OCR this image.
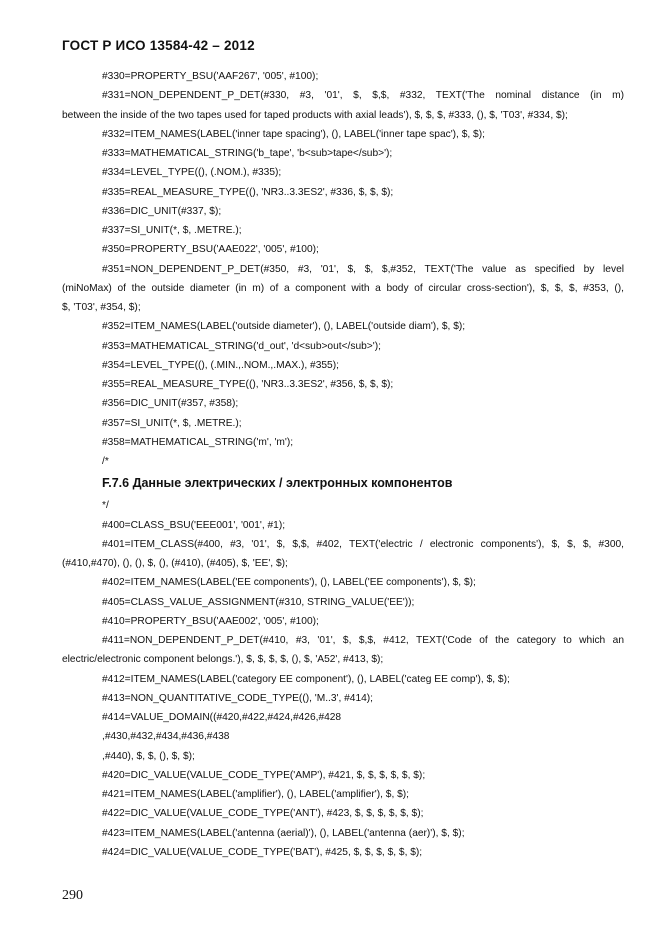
ГОСТ Р ИСО 13584-42 – 2012
#330=PROPERTY_BSU('AAF267', '005', #100);
#331=NON_DEPENDENT_P_DET(#330, #3, '01', $, $,$, #332, TEXT('The nominal distance (in m)
between the inside of the two tapes used for taped products with axial leads'), $, $, $, #333, (), $, 'T03', #334, $);
#332=ITEM_NAMES(LABEL('inner tape spacing'), (), LABEL('inner tape spac'), $, $);
#333=MATHEMATICAL_STRING('b_tape', 'b<sub>tape</sub>');
#334=LEVEL_TYPE((), (.NOM.), #335);
#335=REAL_MEASURE_TYPE((), 'NR3..3.3ES2', #336, $, $, $);
#336=DIC_UNIT(#337, $);
#337=SI_UNIT(*, $, .METRE.);
#350=PROPERTY_BSU('AAE022', '005', #100);
#351=NON_DEPENDENT_P_DET(#350, #3, '01', $, $, $,#352, TEXT('The value as specified by level
(miNoMax) of the outside diameter (in m) of a component with a body of circular cross-section'), $, $, $, #353, (),
$, 'T03', #354, $);
#352=ITEM_NAMES(LABEL('outside diameter'), (), LABEL('outside diam'), $, $);
#353=MATHEMATICAL_STRING('d_out', 'd<sub>out</sub>');
#354=LEVEL_TYPE((), (.MIN.,.NOM.,.MAX.), #355);
#355=REAL_MEASURE_TYPE((), 'NR3..3.3ES2', #356, $, $, $);
#356=DIC_UNIT(#357, #358);
#357=SI_UNIT(*, $, .METRE.);
#358=MATHEMATICAL_STRING('m', 'm');
/*
F.7.6 Данные электрических / электронных компонентов
*/
#400=CLASS_BSU('EEE001', '001', #1);
#401=ITEM_CLASS(#400, #3, '01', $, $,$, #402, TEXT('electric / electronic components'), $, $, $, #300,
(#410,#470), (), (), $, (), (#410), (#405), $, 'EE', $);
#402=ITEM_NAMES(LABEL('EE components'), (), LABEL('EE components'), $, $);
#405=CLASS_VALUE_ASSIGNMENT(#310, STRING_VALUE('EE'));
#410=PROPERTY_BSU('AAE002', '005', #100);
#411=NON_DEPENDENT_P_DET(#410, #3, '01', $, $,$, #412, TEXT('Code of the category to which an
electric/electronic component belongs.'), $, $, $, $, (), $, 'A52', #413, $);
#412=ITEM_NAMES(LABEL('category EE component'), (), LABEL('categ EE comp'), $, $);
#413=NON_QUANTITATIVE_CODE_TYPE((), 'M..3', #414);
#414=VALUE_DOMAIN((#420,#422,#424,#426,#428
,#430,#432,#434,#436,#438
,#440), $, $, (), $, $);
#420=DIC_VALUE(VALUE_CODE_TYPE('AMP'), #421, $, $, $, $, $, $);
#421=ITEM_NAMES(LABEL('amplifier'), (), LABEL('amplifier'), $, $);
#422=DIC_VALUE(VALUE_CODE_TYPE('ANT'), #423, $, $, $, $, $, $);
#423=ITEM_NAMES(LABEL('antenna (aerial)'), (), LABEL('antenna (aer)'), $, $);
#424=DIC_VALUE(VALUE_CODE_TYPE('BAT'), #425, $, $, $, $, $, $);
290
